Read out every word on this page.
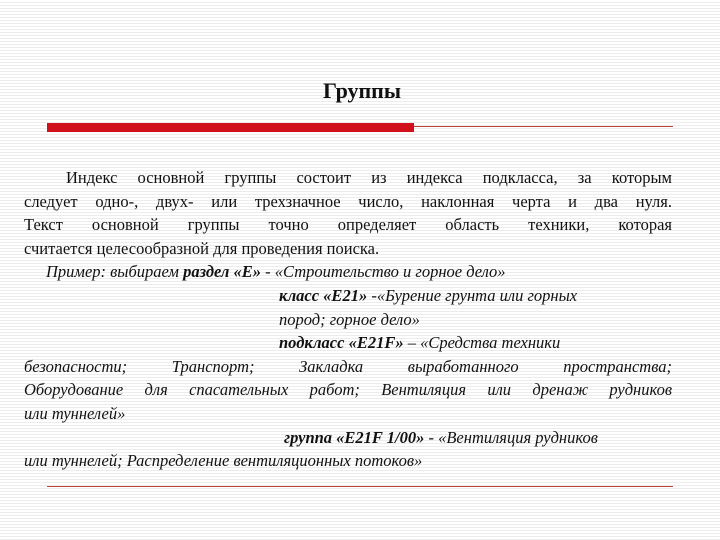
Группы
Индекс основной группы состоит из индекса подкласса, за которым
следует одно-, двух- или трехзначное число, наклонная черта и два нуля.
Текст основной группы точно определяет область техники, которая
считается целесообразной для проведения поиска.
Пример: выбираем раздел «E» - «Строительство и горное дело»
класс «E21» -«Бурение грунта или горных
пород; горное дело»
подкласс «E21F» – «Средства техники
безопасности; Транспорт; Закладка выработанного пространства;
Оборудование для спасательных работ; Вентиляция или дренаж рудников
или туннелей»
группа «E21F 1/00» - «Вентиляция рудников
или туннелей; Распределение вентиляционных потоков»
